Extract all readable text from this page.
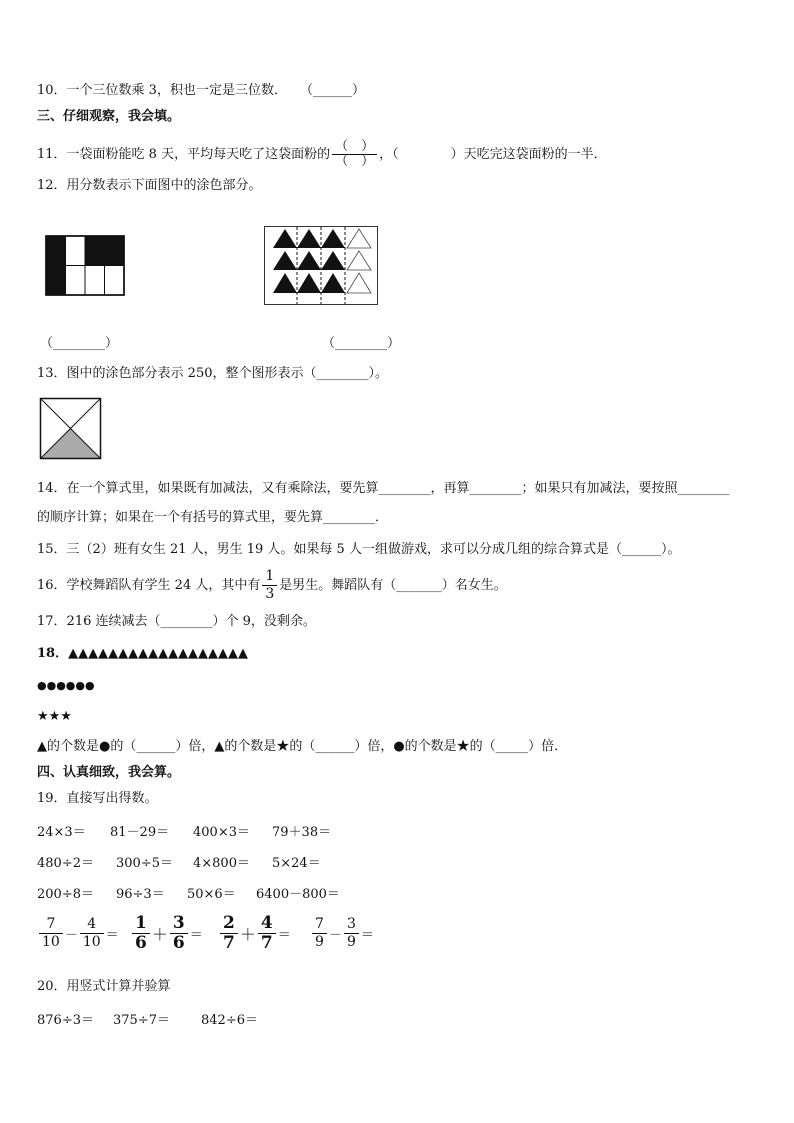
10．一个三位数乘 3，积也一定是三位数．　　（______）
三、仔细观察，我会填。
11．一袋面粉能吃 8 天，平均每天吃了这袋面粉的 $\frac{( )}{( )}$ ，（　　　　）天吃完这袋面粉的一半．
12．用分数表示下面图中的涂色部分。
（________）	（________）
13．图中的涂色部分表示 250，整个图形表示（________）。
14．在一个算式里，如果既有加减法，又有乘除法，要先算________，再算________；如果只有加减法，要按照________
的顺序计算；如果在一个有括号的算式里，要先算________．
15．三（2）班有女生 21 人，男生 19 人。如果每 5 人一组做游戏，求可以分成几组的综合算式是（______）。
16．学校舞蹈队有学生 24 人，其中有 $\frac{1}{3}$ 是男生。舞蹈队有（_______）名女生。
17．216 连续减去（________）个 9，没剩余。
18．▲▲▲▲▲▲▲▲▲▲▲▲▲▲▲▲▲▲
●●●●●●
★★★
▲的个数是●的（______）倍，▲的个数是★的（______）倍，●的个数是★的（_____）倍．
四、认真细致，我会算。
19．直接写出得数。
24×3＝ 81－29＝ 400×3＝ 79＋38＝
480÷2＝ 300÷5＝ 4×800＝ 5×24＝
200÷8＝ 96÷3＝ 50×6＝ 6400－800＝
$\frac{7}{10} - \frac{4}{10} = \frac{1}{6} + \frac{3}{6} = \frac{2}{7} + \frac{4}{7} = \frac{7}{9} - \frac{3}{9}$ ＝
20．用竖式计算并验算
876÷3＝ 375÷7＝ 842÷6＝
